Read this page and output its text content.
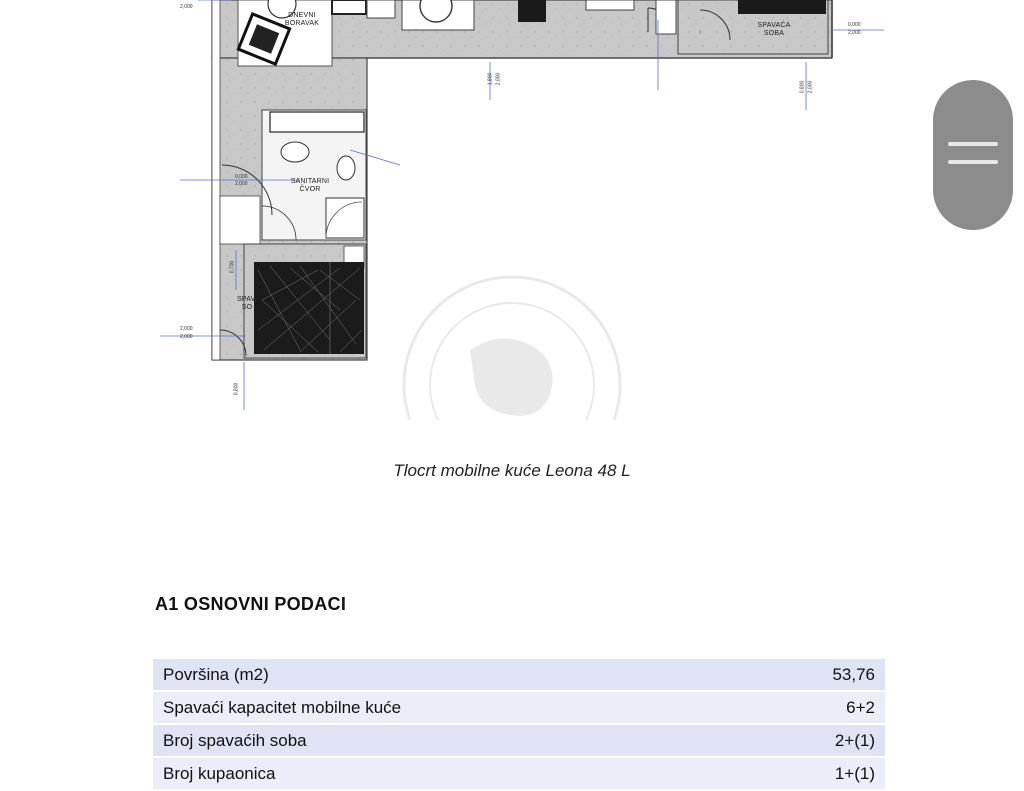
DNEVNI
BORAVAK	SPAVAĆA
SOBA
SANITARNI
ČVOR
SPAV.
SO
2,000
0,000
2,000
1,800 2,000
0,800 2,000
0,000
2,000
0,700
2,000
0,800
2,000
Tlocrt mobilne kuće Leona 48 L
A1 OSNOVNI PODACI
Površina (m2)	53,76
Spavaći kapacitet mobilne kuće	6+2
Broj spavaćih soba	2+(1)
Broj kupaonica	1+(1)
